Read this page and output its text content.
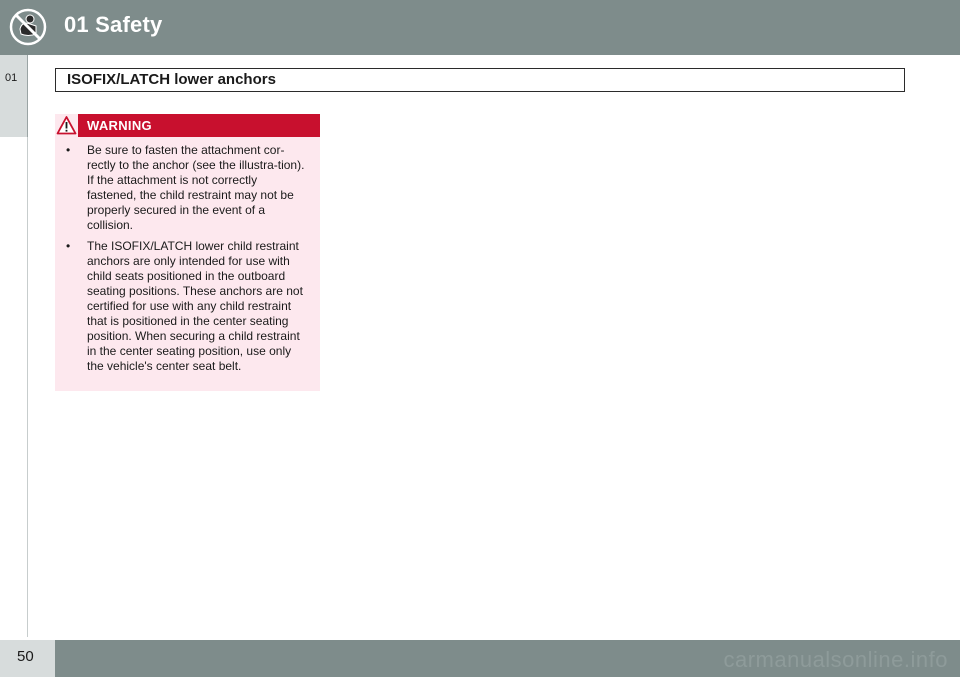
01 Safety
01	ISOFIX/LATCH lower anchors
WARNING
• Be sure to fasten the attachment cor-rectly to the anchor (see the illustra-tion). If the attachment is not correctly fastened, the child restraint may not be properly secured in the event of a collision.
• The ISOFIX/LATCH lower child restraint anchors are only intended for use with child seats positioned in the outboard seating positions. These anchors are not certified for use with any child restraint that is positioned in the center seating position. When securing a child restraint in the center seating position, use only the vehicle's center seat belt.
50	carmanualsonline.info
